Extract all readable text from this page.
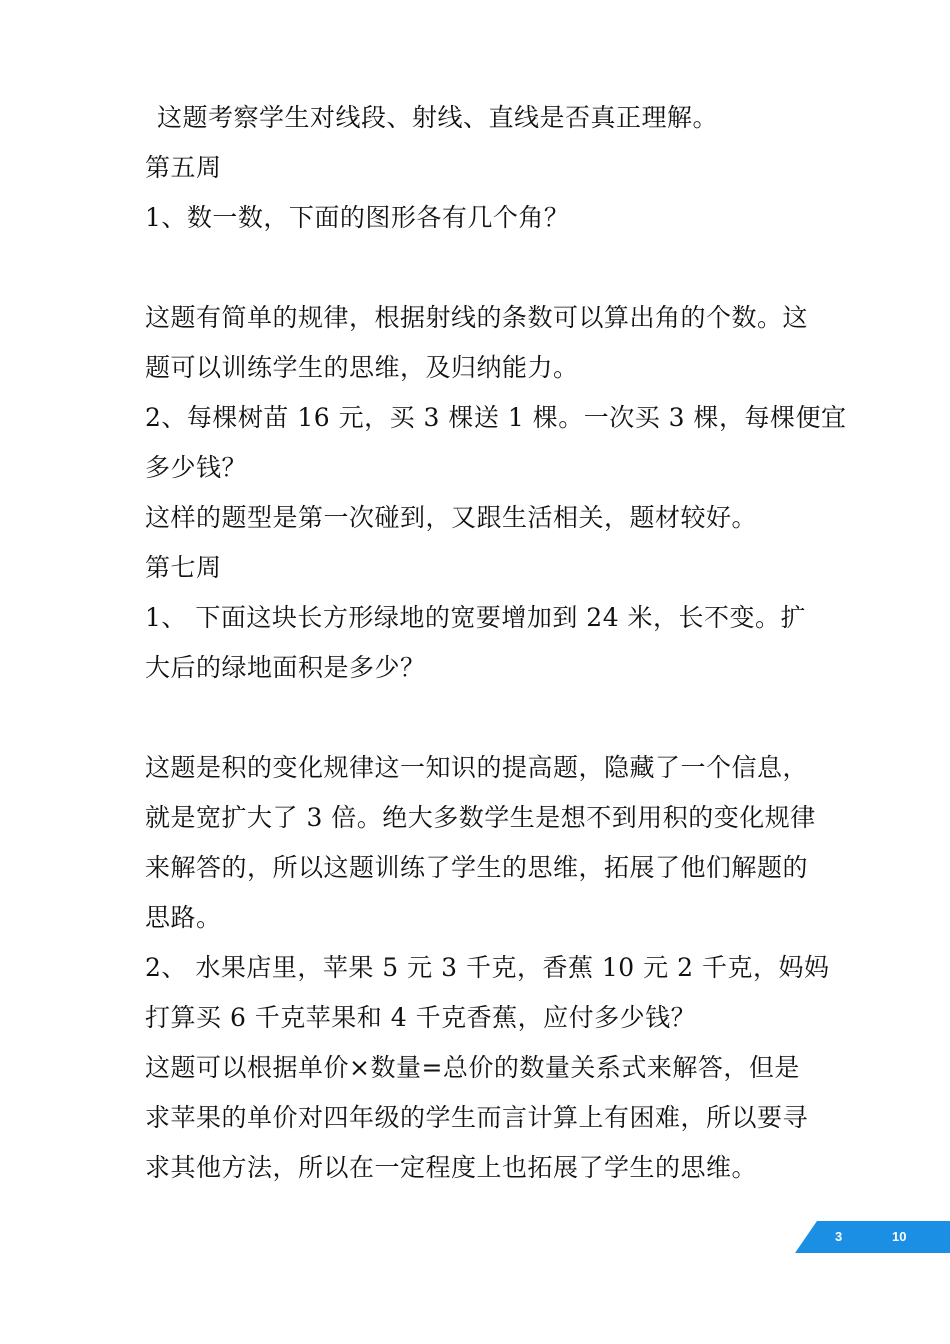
这题考察学生对线段、射线、直线是否真正理解。
第五周
1、数一数，下面的图形各有几个角？
这题有简单的规律，根据射线的条数可以算出角的个数。这
题可以训练学生的思维，及归纳能力。
2、每棵树苗 16 元，买 3 棵送 1 棵。一次买 3 棵，每棵便宜
多少钱？
这样的题型是第一次碰到，又跟生活相关，题材较好。
第七周
1、 下面这块长方形绿地的宽要增加到 24 米，长不变。扩
大后的绿地面积是多少？
这题是积的变化规律这一知识的提高题，隐藏了一个信息，
就是宽扩大了 3 倍。绝大多数学生是想不到用积的变化规律
来解答的，所以这题训练了学生的思维，拓展了他们解题的
思路。
2、 水果店里，苹果 5 元 3 千克，香蕉 10 元 2 千克，妈妈
打算买 6 千克苹果和 4 千克香蕉，应付多少钱？
这题可以根据单价×数量=总价的数量关系式来解答，但是
求苹果的单价对四年级的学生而言计算上有困难，所以要寻
求其他方法，所以在一定程度上也拓展了学生的思维。
3	10
